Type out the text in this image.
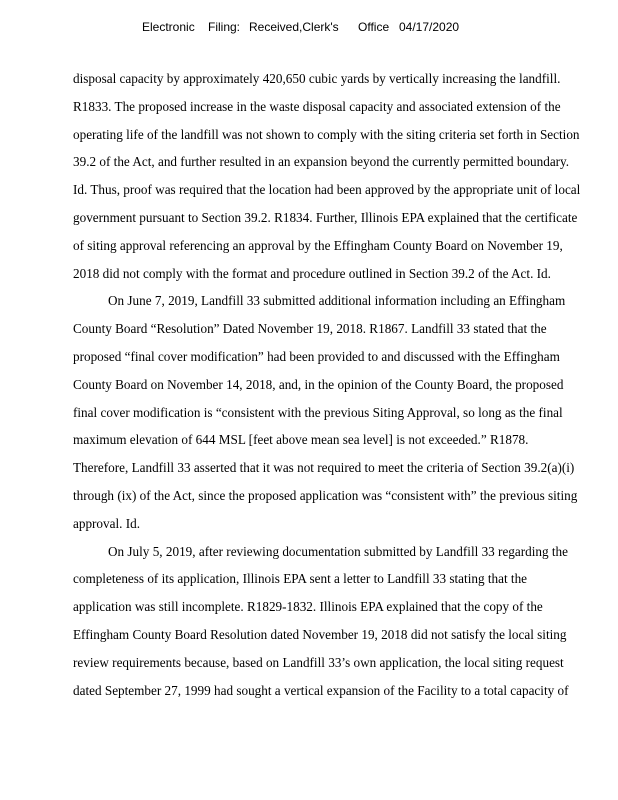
Electronic Filing: Received,Clerk's Office 04/17/2020
disposal capacity by approximately 420,650 cubic yards by vertically increasing the landfill.
R1833. The proposed increase in the waste disposal capacity and associated extension of the
operating life of the landfill was not shown to comply with the siting criteria set forth in Section
39.2 of the Act, and further resulted in an expansion beyond the currently permitted boundary.
Id. Thus, proof was required that the location had been approved by the appropriate unit of local
government pursuant to Section 39.2. R1834. Further, Illinois EPA explained that the certificate
of siting approval referencing an approval by the Effingham County Board on November 19,
2018 did not comply with the format and procedure outlined in Section 39.2 of the Act. Id.
On June 7, 2019, Landfill 33 submitted additional information including an Effingham
County Board “Resolution” Dated November 19, 2018. R1867. Landfill 33 stated that the
proposed “final cover modification” had been provided to and discussed with the Effingham
County Board on November 14, 2018, and, in the opinion of the County Board, the proposed
final cover modification is “consistent with the previous Siting Approval, so long as the final
maximum elevation of 644 MSL [feet above mean sea level] is not exceeded.” R1878.
Therefore, Landfill 33 asserted that it was not required to meet the criteria of Section 39.2(a)(i)
through (ix) of the Act, since the proposed application was “consistent with” the previous siting
approval. Id.
On July 5, 2019, after reviewing documentation submitted by Landfill 33 regarding the
completeness of its application, Illinois EPA sent a letter to Landfill 33 stating that the
application was still incomplete. R1829-1832. Illinois EPA explained that the copy of the
Effingham County Board Resolution dated November 19, 2018 did not satisfy the local siting
review requirements because, based on Landfill 33’s own application, the local siting request
dated September 27, 1999 had sought a vertical expansion of the Facility to a total capacity of
